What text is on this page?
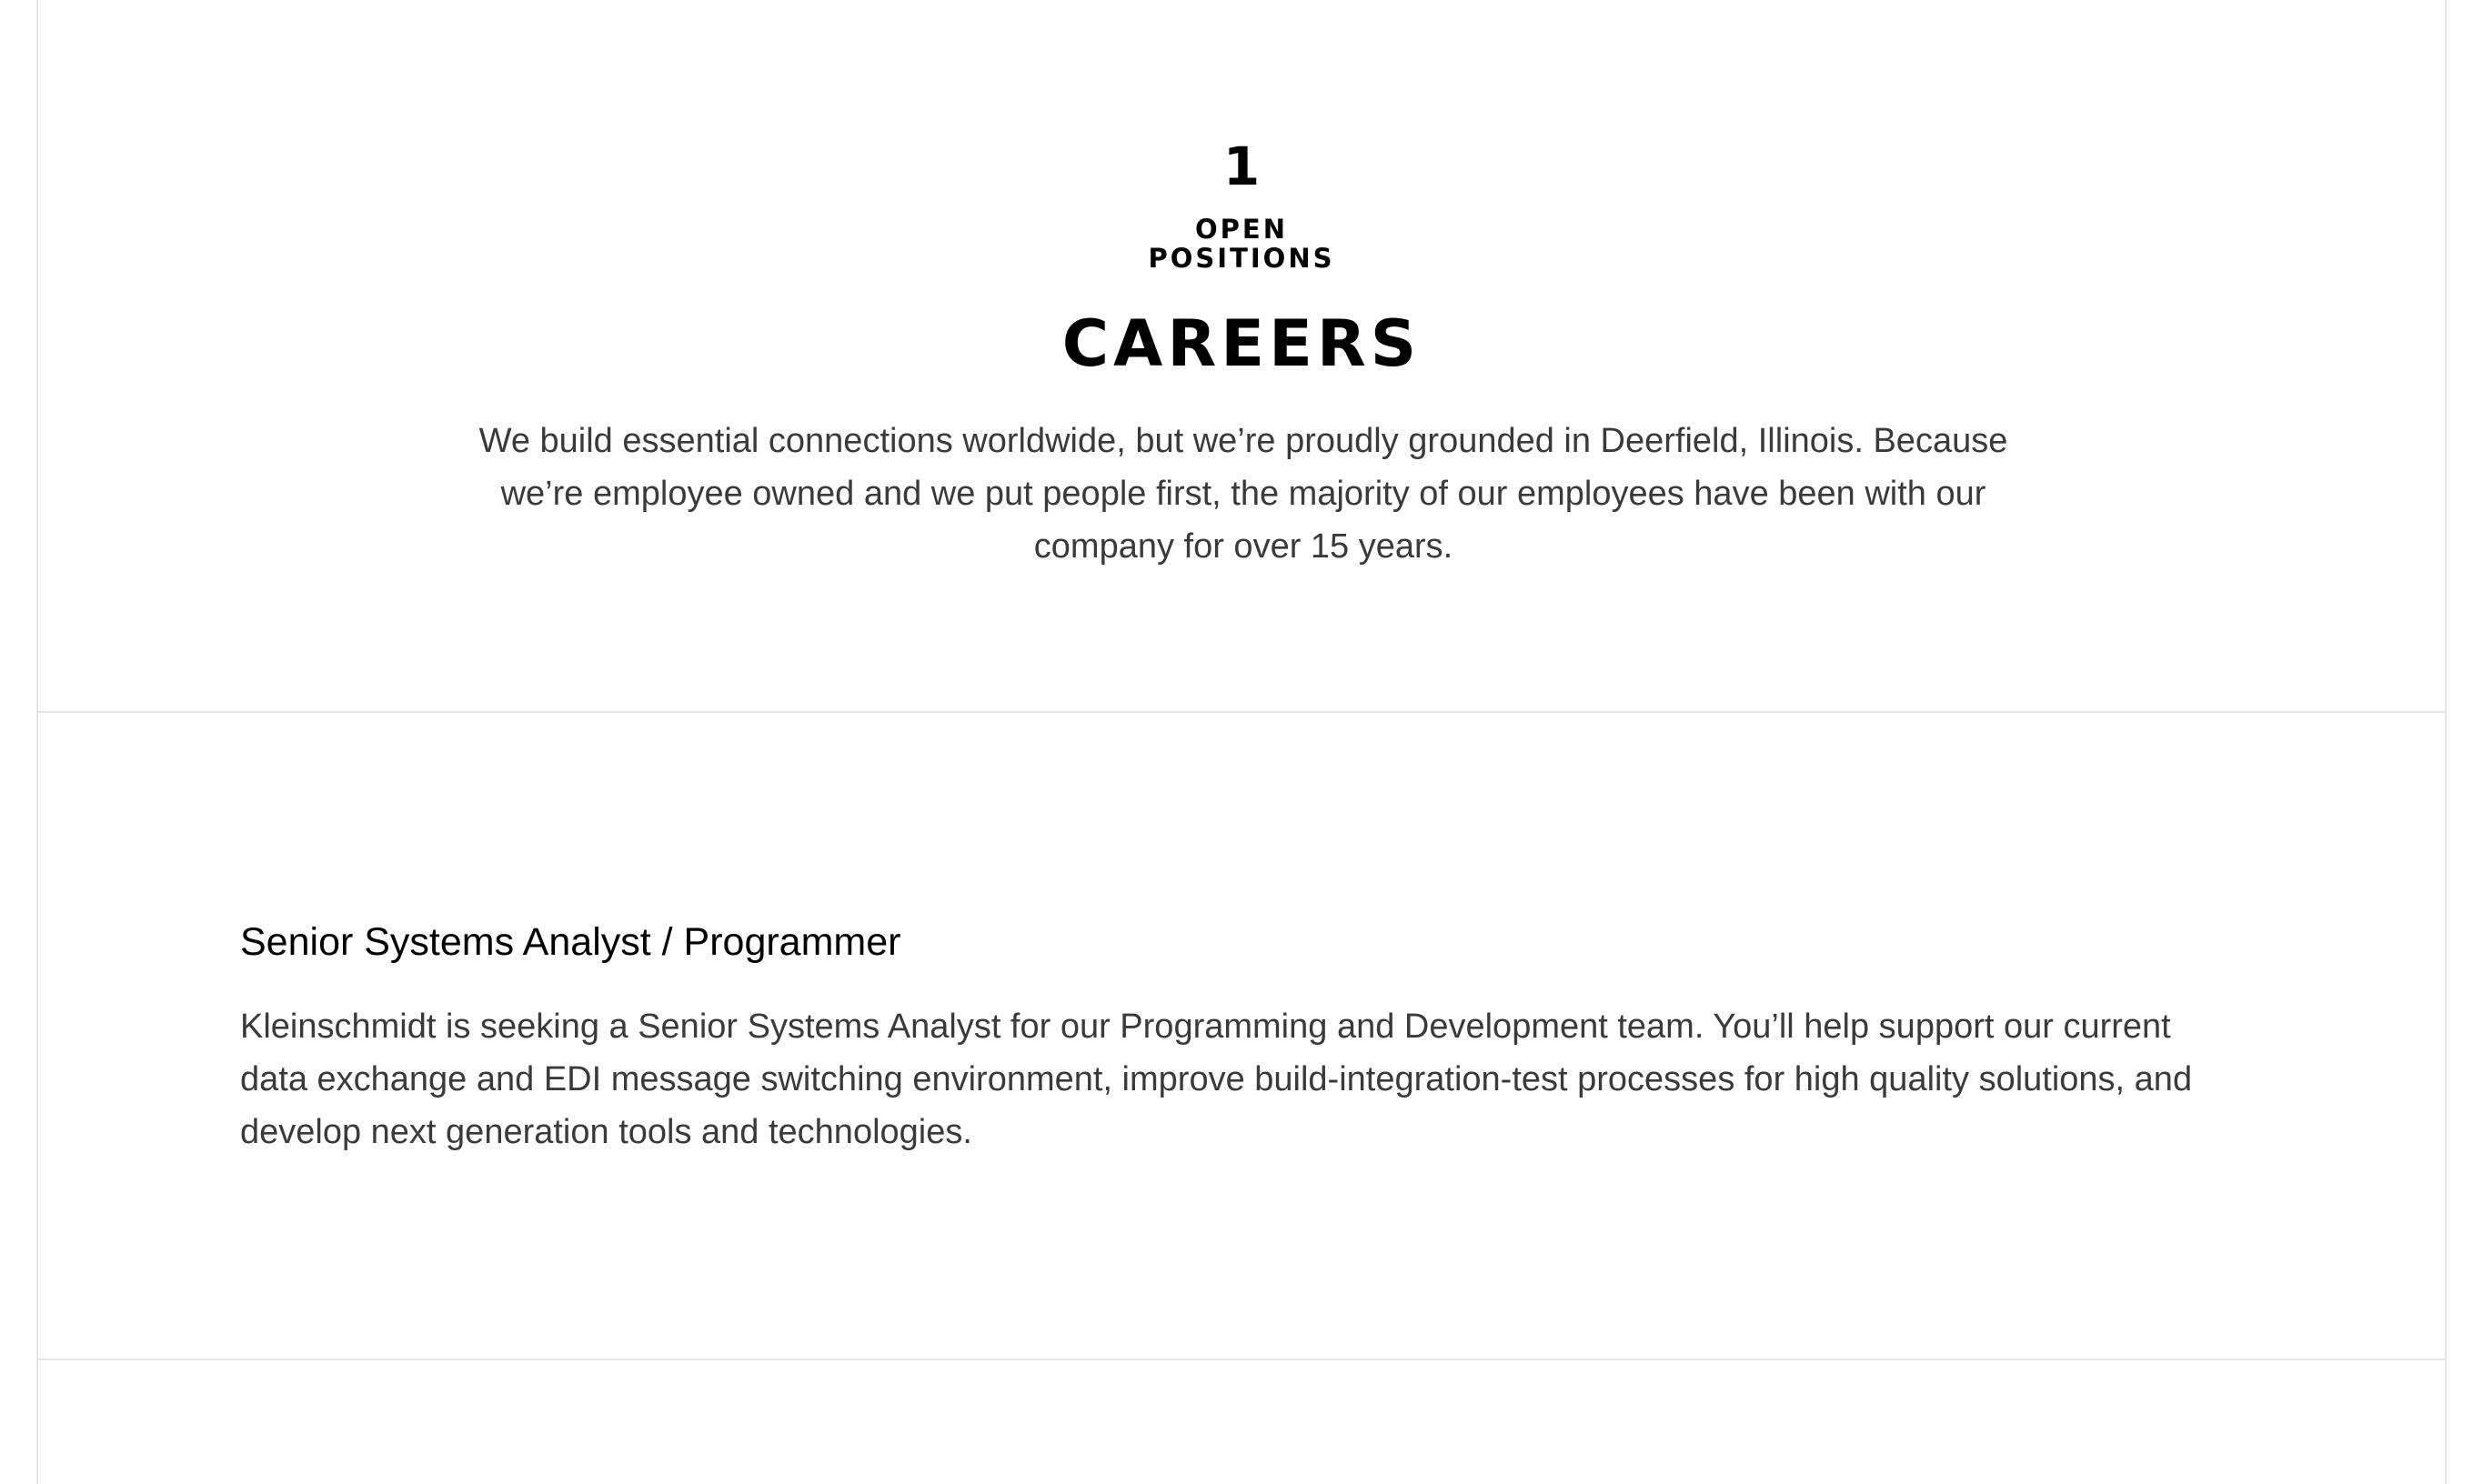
1
OPEN
POSITIONS
CAREERS

We build essential connections worldwide, but we’re proudly grounded in Deerfield, Illinois. Because we’re employee owned and we put people first, the majority of our employees have been with our company for over 15 years.

Senior Systems Analyst / Programmer

Kleinschmidt is seeking a Senior Systems Analyst for our Programming and Development team. You’ll help support our current data exchange and EDI message switching environment, improve build-integration-test processes for high quality solutions, and develop next generation tools and technologies.
